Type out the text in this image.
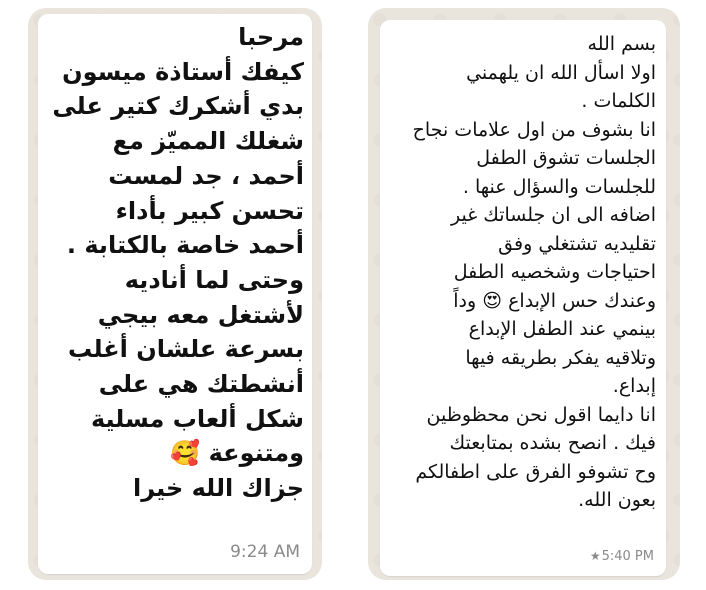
مرحبا
كيفك أستاذة ميسون
بدي أشكرك كتير على
شغلك المميّز مع
أحمد ، جد لمست
تحسن كبير بأداء
أحمد خاصة بالكتابة .
وحتى لما أناديه
لأشتغل معه بيجي
بسرعة علشان أغلب
أنشطتك هي على
شكل ألعاب مسلية
ومتنوعة 🥰
جزاك الله خيرا
9:24 AM
بسم الله
اولا اسأل الله ان يلهمني
الكلمات .
انا بشوف من اول علامات نجاح
الجلسات تشوق الطفل
للجلسات والسؤال عنها .
اضافه الى ان جلساتك غير
تقليديه تشتغلي وفق
احتياجات وشخصيه الطفل
وعندك حس الإبداع 😍 وداً
بينمي عند الطفل الإبداع
وتلاقيه يفكر بطريقه فيها
إبداع.
انا دايما اقول نحن محظوظين
فيك . انصح بشده بمتابعتك
وح تشوفو الفرق على اطفالكم
بعون الله.
★5:40 PM
